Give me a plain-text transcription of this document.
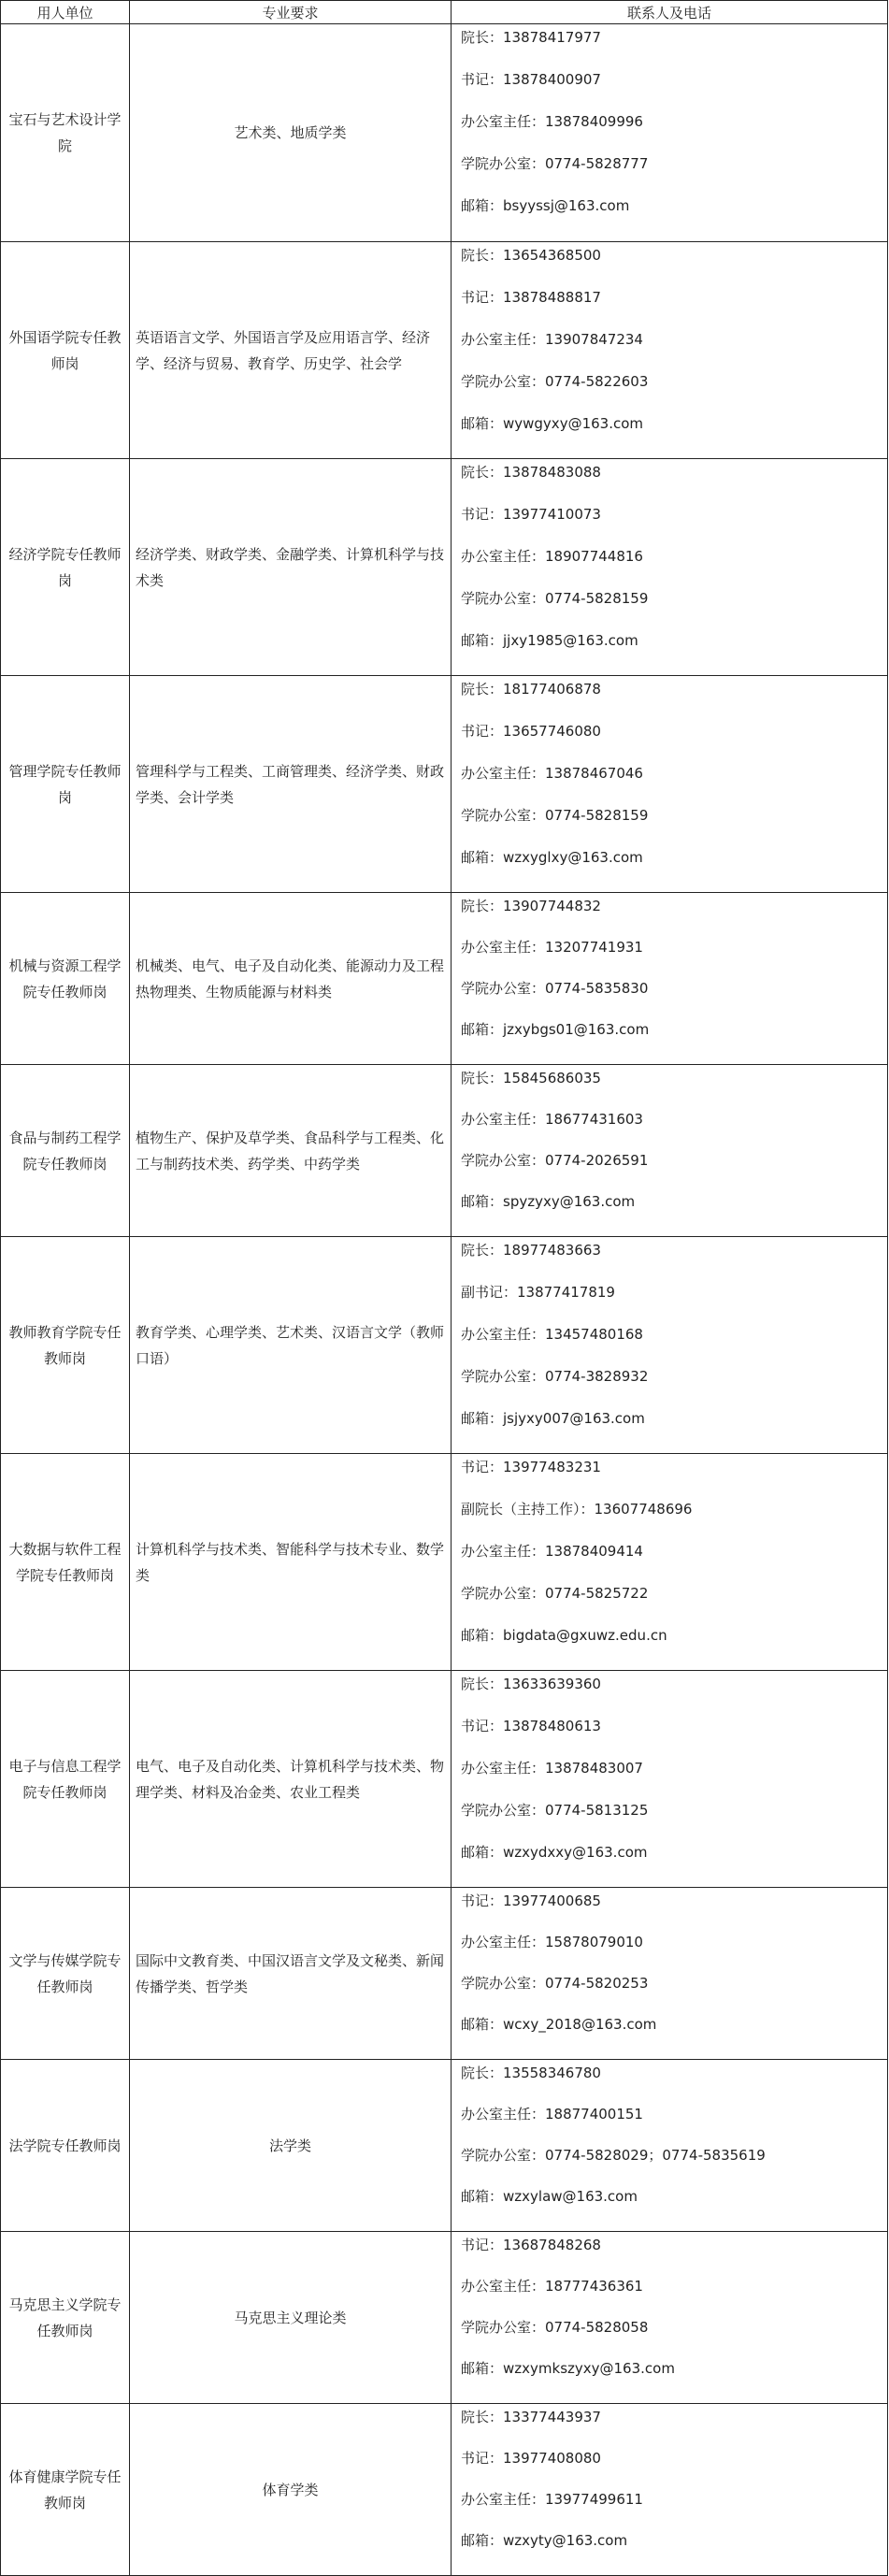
用人单位	专业要求	联系人及电话
宝石与艺术设计学院	艺术类、地质学类	院长：13878417977
书记：13878400907
办公室主任：13878409996
学院办公室：0774-5828777
邮箱：bsyyssj@163.com

外国语学院专任教师岗	英语语言文学、外国语言学及应用语言学、经济学、经济与贸易、教育学、历史学、社会学	院长：13654368500
书记：13878488817
办公室主任：13907847234
学院办公室：0774-5822603
邮箱：wywgyxy@163.com

经济学院专任教师岗	经济学类、财政学类、金融学类、计算机科学与技术类	院长：13878483088
书记：13977410073
办公室主任：18907744816
学院办公室：0774-5828159
邮箱：jjxy1985@163.com

管理学院专任教师岗	管理科学与工程类、工商管理类、经济学类、财政学类、会计学类	院长：18177406878
书记：13657746080
办公室主任：13878467046
学院办公室：0774-5828159
邮箱：wzxyglxy@163.com

机械与资源工程学院专任教师岗	机械类、电气、电子及自动化类、能源动力及工程热物理类、生物质能源与材料类	院长：13907744832
办公室主任：13207741931
学院办公室：0774-5835830
邮箱：jzxybgs01@163.com

食品与制药工程学院专任教师岗	植物生产、保护及草学类、食品科学与工程类、化工与制药技术类、药学类、中药学类	院长：15845686035
办公室主任：18677431603
学院办公室：0774-2026591
邮箱：spyzyxy@163.com

教师教育学院专任教师岗	教育学类、心理学类、艺术类、汉语言文学（教师口语）	院长：18977483663
副书记：13877417819
办公室主任：13457480168
学院办公室：0774-3828932
邮箱：jsjyxy007@163.com

大数据与软件工程学院专任教师岗	计算机科学与技术类、智能科学与技术专业、数学类	书记：13977483231
副院长（主持工作）：13607748696
办公室主任：13878409414
学院办公室：0774-5825722
邮箱：bigdata@gxuwz.edu.cn

电子与信息工程学院专任教师岗	电气、电子及自动化类、计算机科学与技术类、物理学类、材料及冶金类、农业工程类	院长：13633639360
书记：13878480613
办公室主任：13878483007
学院办公室：0774-5813125
邮箱：wzxydxxy@163.com

文学与传媒学院专任教师岗	国际中文教育类、中国汉语言文学及文秘类、新闻传播学类、哲学类	书记：13977400685
办公室主任：15878079010
学院办公室：0774-5820253
邮箱：wcxy_2018@163.com

法学院专任教师岗	法学类	院长：13558346780
办公室主任：18877400151
学院办公室：0774-5828029；0774-5835619
邮箱：wzxylaw@163.com

马克思主义学院专任教师岗	马克思主义理论类	书记：13687848268
办公室主任：18777436361
学院办公室：0774-5828058
邮箱：wzxymkszyxy@163.com

体育健康学院专任教师岗	体育学类	院长：13377443937
书记：13977408080
办公室主任：13977499611
邮箱：wzxyty@163.com
